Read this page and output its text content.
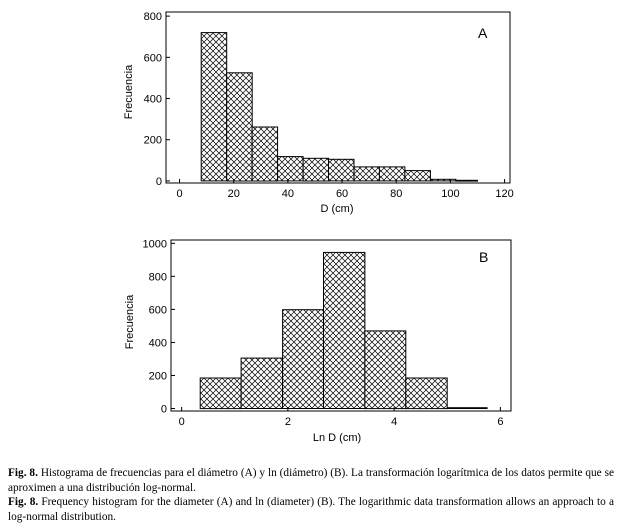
0
200
400
600
800
0	20	40	60	80	100	120
A
D (cm)
Frecuencia
0
200
400
600
800
1000
0	2	4	6
B
Ln D (cm)
Frecuencia

Fig. 8. Histograma de frecuencias para el diámetro (A) y ln (diámetro) (B). La transformación logarítmica de los datos permite que se aproximen a una distribución log-normal.

Fig. 8. Frequency histogram for the diameter (A) and ln (diameter) (B). The logarithmic data transformation allows an approach to a log-normal distribution.
